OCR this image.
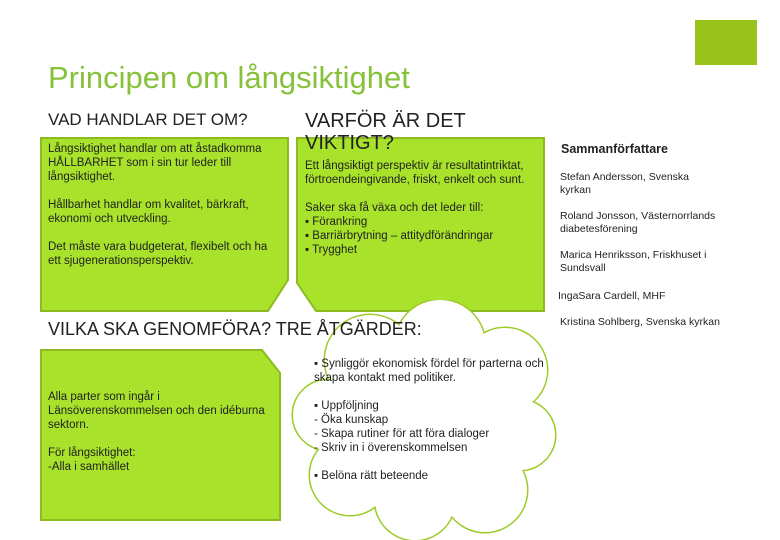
Principen om långsiktighet
VAD HANDLAR DET OM?

Långsiktighet handlar om att åstadkomma HÅLLBARHET som i sin tur leder till långsiktighet.

Hållbarhet handlar om kvalitet, bärkraft, ekonomi och utveckling.

Det måste vara budgeterat, flexibelt och ha ett sjugenerationsperspektiv.

VARFÖR ÄR DET VIKTIGT?

Ett långsiktigt perspektiv är resultatintriktat, förtroendeingivande, friskt, enkelt och sunt.

Saker ska få växa och det leder till:
▪ Förankring
▪ Barriärbrytning – attitydförändringar
▪ Trygghet

Alla parter som ingår i Länsöverenskommelsen och den idéburna sektorn.

För långsiktighet:
-Alla i samhället
VILKA SKA GENOMFÖRA? TRE ÅTGÄRDER:

▪ Synliggör ekonomisk fördel för parterna och skapa kontakt med politiker.

▪ Uppföljning
- Öka kunskap
- Skapa rutiner för att föra dialoger
- Skriv in i överenskommelsen
▪ Belöna rätt beteende
Sammanförfattare
Stefan Andersson, Svenska kyrkan
Roland Jonsson, Västernorrlands diabetesförening
Marica Henriksson, Friskhuset i Sundsvall
IngaSara Cardell, MHF
Kristina Sohlberg, Svenska kyrkan
